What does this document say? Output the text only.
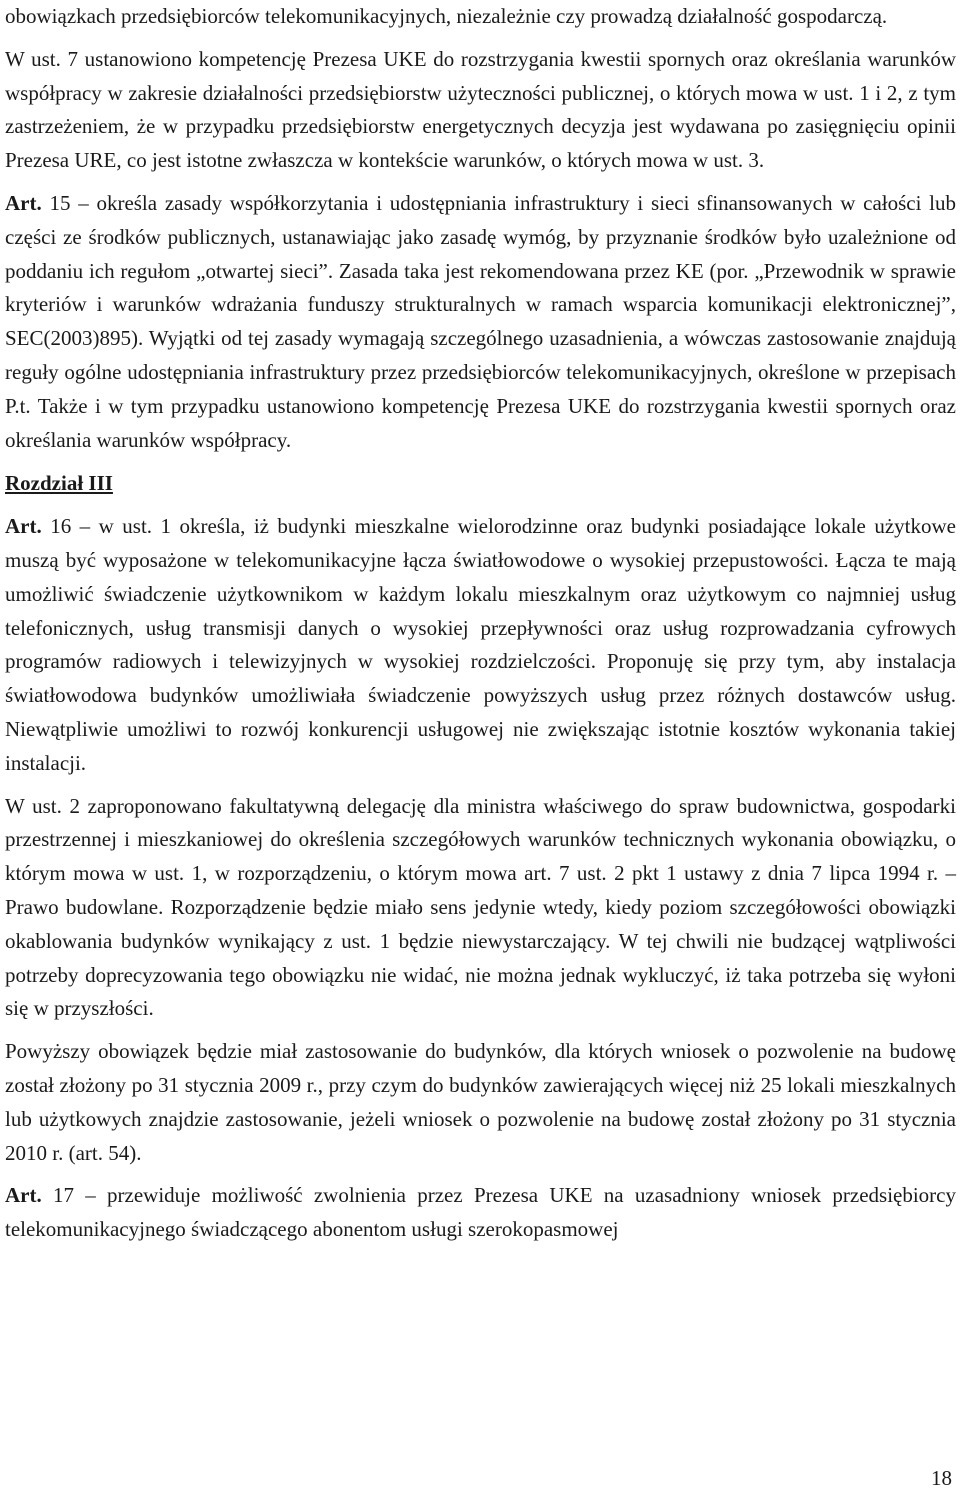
obowiązkach przedsiębiorców telekomunikacyjnych, niezależnie czy prowadzą działalność gospodarczą.

W ust. 7 ustanowiono kompetencję Prezesa UKE do rozstrzygania kwestii spornych oraz określania warunków współpracy w zakresie działalności przedsiębiorstw użyteczności publicznej, o których mowa w ust. 1 i 2, z tym zastrzeżeniem, że w przypadku przedsiębiorstw energetycznych decyzja jest wydawana po zasięgnięciu opinii Prezesa URE, co jest istotne zwłaszcza w kontekście warunków, o których mowa w ust. 3.

Art. 15 – określa zasady współkorzytania i udostępniania infrastruktury i sieci sfinansowanych w całości lub części ze środków publicznych, ustanawiając jako zasadę wymóg, by przyznanie środków było uzależnione od poddaniu ich regułom „otwartej sieci”. Zasada taka jest rekomendowana przez KE (por. „Przewodnik w sprawie kryteriów i warunków wdrażania funduszy strukturalnych w ramach wsparcia komunikacji elektronicznej”, SEC(2003)895). Wyjątki od tej zasady wymagają szczególnego uzasadnienia, a wówczas zastosowanie znajdują reguły ogólne udostępniania infrastruktury przez przedsiębiorców telekomunikacyjnych, określone w przepisach P.t. Także i w tym przypadku ustanowiono kompetencję Prezesa UKE do rozstrzygania kwestii spornych oraz określania warunków współpracy.

Rozdział III

Art. 16 – w ust. 1 określa, iż budynki mieszkalne wielorodzinne oraz budynki posiadające lokale użytkowe muszą być wyposażone w telekomunikacyjne łącza światłowodowe o wysokiej przepustowości. Łącza te mają umożliwić świadczenie użytkownikom w każdym lokalu mieszkalnym oraz użytkowym co najmniej usług telefonicznych, usług transmisji danych o wysokiej przepływności oraz usług rozprowadzania cyfrowych programów radiowych i telewizyjnych w wysokiej rozdzielczości. Proponuję się przy tym, aby instalacja światłowodowa budynków umożliwiała świadczenie powyższych usług przez różnych dostawców usług. Niewątpliwie umożliwi to rozwój konkurencji usługowej nie zwiększając istotnie kosztów wykonania takiej instalacji.

W ust. 2 zaproponowano fakultatywną delegację dla ministra właściwego do spraw budownictwa, gospodarki przestrzennej i mieszkaniowej do określenia szczegółowych warunków technicznych wykonania obowiązku, o którym mowa w ust. 1, w rozporządzeniu, o którym mowa art. 7 ust. 2 pkt 1 ustawy z dnia 7 lipca 1994 r. – Prawo budowlane. Rozporządzenie będzie miało sens jedynie wtedy, kiedy poziom szczegółowości obowiązki okablowania budynków wynikający z ust. 1 będzie niewystarczający. W tej chwili nie budzącej wątpliwości potrzeby doprecyzowania tego obowiązku nie widać, nie można jednak wykluczyć, iż taka potrzeba się wyłoni się w przyszłości.

Powyższy obowiązek będzie miał zastosowanie do budynków, dla których wniosek o pozwolenie na budowę został złożony po 31 stycznia 2009 r., przy czym do budynków zawierających więcej niż 25 lokali mieszkalnych lub użytkowych znajdzie zastosowanie, jeżeli wniosek o pozwolenie na budowę został złożony po 31 stycznia 2010 r. (art. 54).

Art. 17 – przewiduje możliwość zwolnienia przez Prezesa UKE na uzasadniony wniosek przedsiębiorcy telekomunikacyjnego świadczącego abonentom usługi szerokopasmowej

18
